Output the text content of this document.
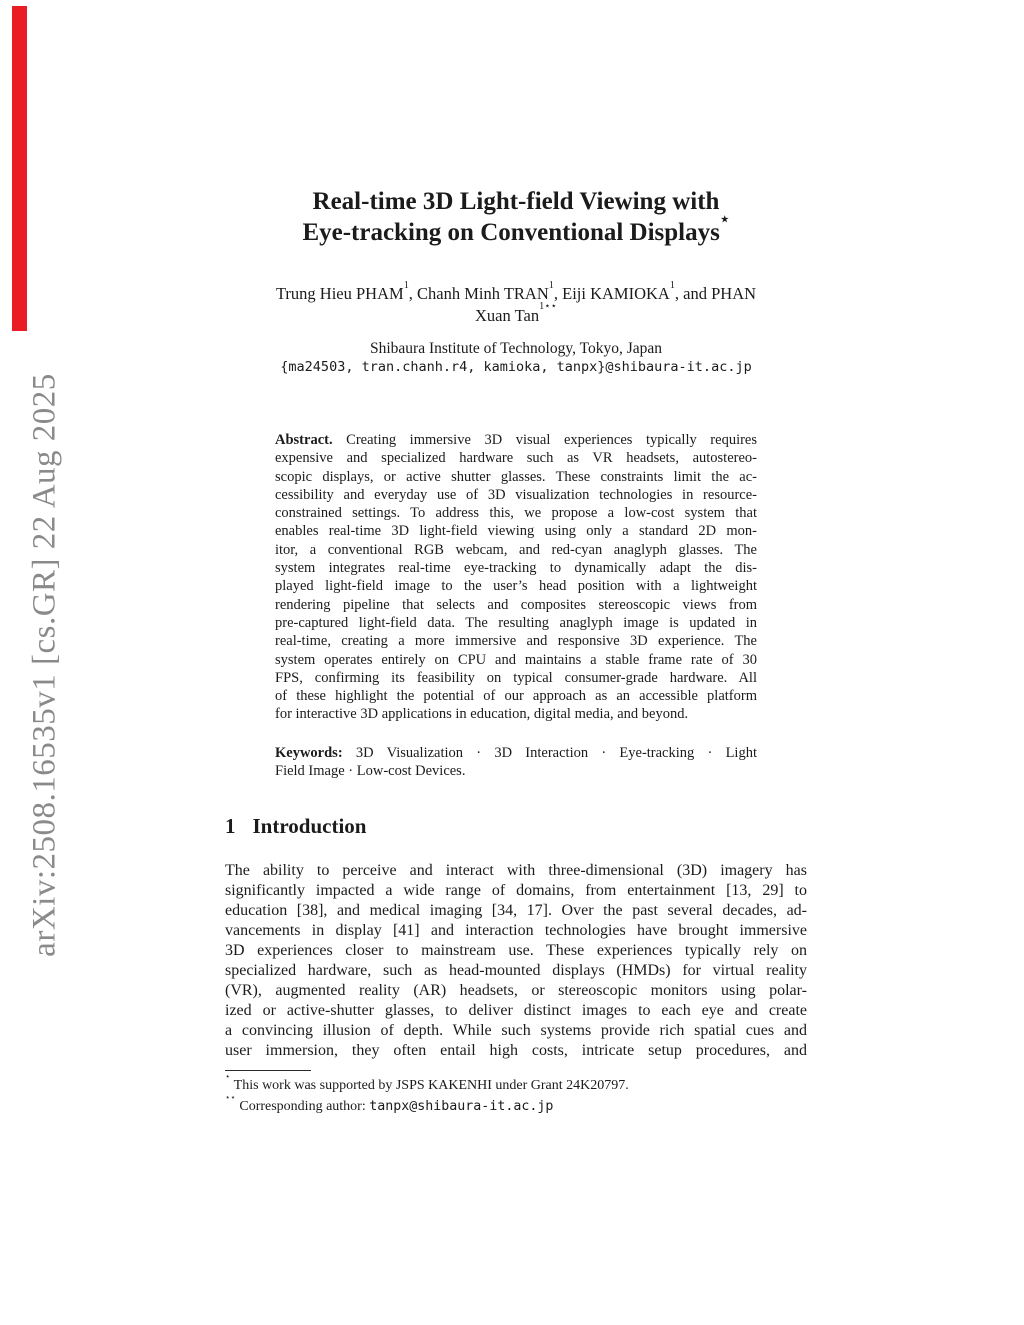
arXiv:2508.16535v1 [cs.GR] 22 Aug 2025
Real-time 3D Light-field Viewing with
Eye-tracking on Conventional Displays⋆
Trung Hieu PHAM$^1$, Chanh Minh TRAN$^1$, Eiji KAMIOKA$^1$, and PHAN
Xuan Tan$^{1⋆⋆}$
Shibaura Institute of Technology, Tokyo, Japan
{ma24503, tran.chanh.r4, kamioka, tanpx}@shibaura-it.ac.jp
Abstract. Creating immersive 3D visual experiences typically requires
expensive and specialized hardware such as VR headsets, autostereo-
scopic displays, or active shutter glasses. These constraints limit the ac-
cessibility and everyday use of 3D visualization technologies in resource-
constrained settings. To address this, we propose a low-cost system that
enables real-time 3D light-field viewing using only a standard 2D mon-
itor, a conventional RGB webcam, and red-cyan anaglyph glasses. The
system integrates real-time eye-tracking to dynamically adapt the dis-
played light-field image to the user’s head position with a lightweight
rendering pipeline that selects and composites stereoscopic views from
pre-captured light-field data. The resulting anaglyph image is updated in
real-time, creating a more immersive and responsive 3D experience. The
system operates entirely on CPU and maintains a stable frame rate of 30
FPS, confirming its feasibility on typical consumer-grade hardware. All
of these highlight the potential of our approach as an accessible platform
for interactive 3D applications in education, digital media, and beyond.
Keywords: 3D Visualization · 3D Interaction · Eye-tracking · Light
Field Image · Low-cost Devices.
1 Introduction
The ability to perceive and interact with three-dimensional (3D) imagery has
significantly impacted a wide range of domains, from entertainment [13, 29] to
education [38], and medical imaging [34, 17]. Over the past several decades, ad-
vancements in display [41] and interaction technologies have brought immersive
3D experiences closer to mainstream use. These experiences typically rely on
specialized hardware, such as head-mounted displays (HMDs) for virtual reality
(VR), augmented reality (AR) headsets, or stereoscopic monitors using polar-
ized or active-shutter glasses, to deliver distinct images to each eye and create
a convincing illusion of depth. While such systems provide rich spatial cues and
user immersion, they often entail high costs, intricate setup procedures, and
⋆ This work was supported by JSPS KAKENHI under Grant 24K20797.
⋆⋆ Corresponding author: tanpx@shibaura-it.ac.jp
